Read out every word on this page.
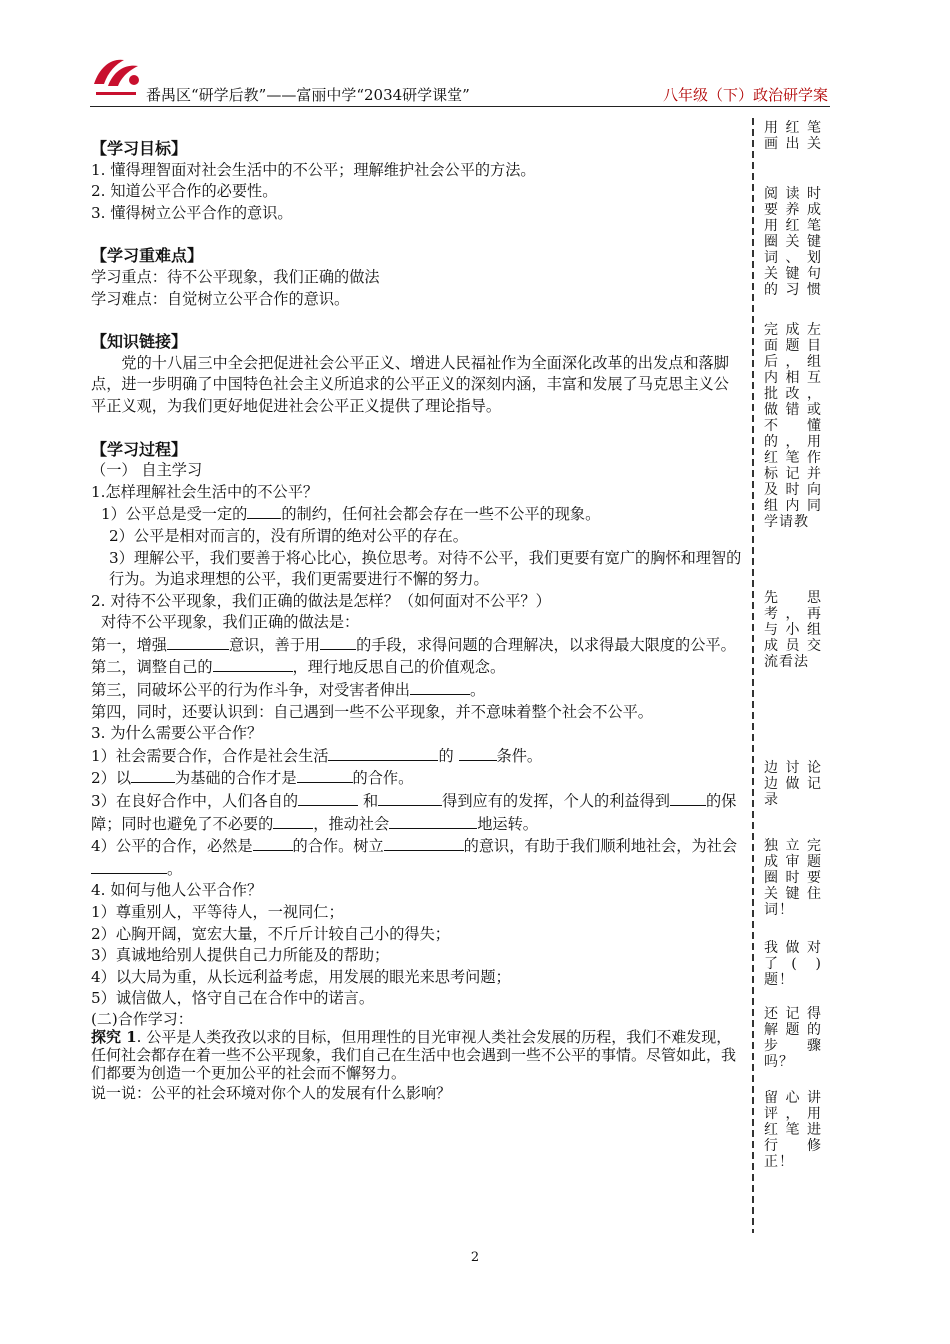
番禺区“研学后教”——富丽中学“2034研学课堂”	八年级（下）政治研学案

【学习目标】

1. 懂得理智面对社会生活中的不公平；理解维护社会公平的方法。

2. 知道公平合作的必要性。

3. 懂得树立公平合作的意识。

【学习重难点】

学习重点：待不公平现象，我们正确的做法

学习难点：自觉树立公平合作的意识。

【知识链接】

党的十八届三中全会把促进社会公平正义、增进人民福祉作为全面深化改革的出发点和落脚点，进一步明确了中国特色社会主义所追求的公平正义的深刻内涵，丰富和发展了马克思主义公平正义观，为我们更好地促进社会公平正义提供了理论指导。

【学习过程】

（一） 自主学习

1.怎样理解社会生活中的不公平？

1）公平总是受一定的 的制约，任何社会都会存在一些不公平的现象。

2）公平是相对而言的，没有所谓的绝对公平的存在。

3）理解公平，我们要善于将心比心，换位思考。对待不公平，我们更要有宽广的胸怀和理智的行为。为追求理想的公平，我们更需要进行不懈的努力。

2. 对待不公平现象，我们正确的做法是怎样？（如何面对不公平？）

对待不公平现象，我们正确的做法是：

第一，增强	意识，善于用 的手段，求得问题的合理解决，以求得最大限度的公平。

第二，调整自己的	，理行地反思自己的价值观念。

第三，同破坏公平的行为作斗争，对受害者伸出	。

第四，同时，还要认识到：自己遇到一些不公平现象，并不意味着整个社会不公平。

3. 为什么需要公平合作？

1）社会需要合作，合作是社会生活	的	条件。

2）以	为基础的合作才是	的合作。

3）在良好合作中，人们各自的	和	得到应有的发挥，个人的利益得到 的保障；同时也避免了不必要的	，推动社会	地运转。

4）公平的合作，必然是	的合作。树立	的意识，有助于我们顺利地社会，为社会。

4. 如何与他人公平合作？

1）尊重别人，平等待人，一视同仁；

2）心胸开阔，宽宏大量，不斤斤计较自己小的得失；

3）真诚地给别人提供自己力所能及的帮助；

4）以大局为重，从长远利益考虑，用发展的眼光来思考问题；

5）诚信做人，恪守自己在合作中的诺言。

(二)合作学习：

探究 1. 公平是人类孜孜以求的目标，但用理性的目光审视人类社会发展的历程，我们不难发现，任何社会都存在着一些不公平现象，我们自己在生活中也会遇到一些不公平的事情。尽管如此，我们都要为创造一个更加公平的社会而不懈努力。

说一说：公平的社会环境对你个人的发展有什么影响？

用红笔画出关
阅读时要养成用红笔圈关键词、划关键句的习惯
完成左面题目后，组内相互批改，做错或不懂的，用红笔作标记并及时向组内同学请教
先思考，再与小组成员交流看法
边讨论边做记录
独立完成审题圈时要关键住词！
我做对了( )题！
还记得解题的步骤吗？
留心讲评，用红笔进行修正！
2
